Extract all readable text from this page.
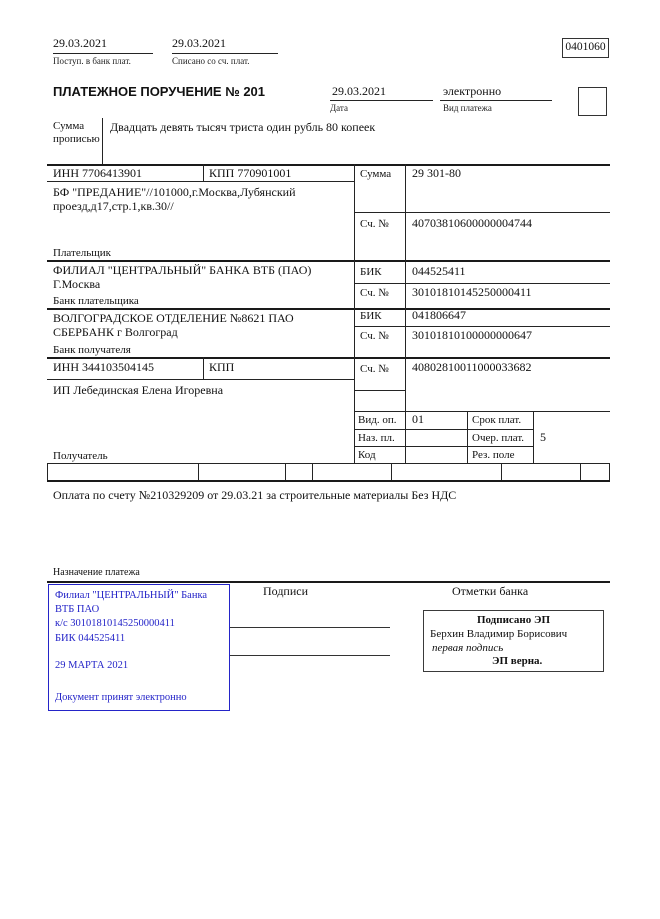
29.03.2021
Поступ. в банк плат.
29.03.2021
Списано со сч. плат.
0401060
ПЛАТЕЖНОЕ ПОРУЧЕНИЕ № 201	29.03.2021
Дата
электронно
Вид платежа
Сумма прописью
Двадцать девять тысяч триста один рубль 80 копеек
ИНН 7706413901	КПП 770901001	Сумма 29 301-80
БФ "ПРЕДАНИЕ"//101000,г.Москва,Лубянский проезд,д17,стр.1,кв.30//
Сч. № 40703810600000004744
Плательщик
ФИЛИАЛ "ЦЕНТРАЛЬНЫЙ" БАНКА ВТБ (ПАО) Г.Москва
БИК	044525411
Сч. № 30101810145250000411
Банк плательщика
ВОЛГОГРАДСКОЕ ОТДЕЛЕНИЕ №8621 ПАО СБЕРБАНК г Волгоград
БИК	041806647
Сч. № 30101810100000000647
Банк получателя
ИНН 344103504145	КПП	Сч. № 40802810011000033682
ИП Лебединская Елена Игоревна
Получатель
Вид. оп. 01	Срок плат.
Наз. пл.	Очер. плат. 5
Код	Рез. поле
Оплата по счету №210329209 от 29.03.21 за строительные материалы Без НДС
Назначение платежа
Подписи	Отметки банка
Филиал "ЦЕНТРАЛЬНЫЙ" Банка
ВТБ ПАО
к/с 30101810145250000411
БИК 044525411
29 МАРТА 2021
Документ принят электронно
Подписано ЭП
Берхин Владимир Борисович
первая подпись
ЭП верна.
